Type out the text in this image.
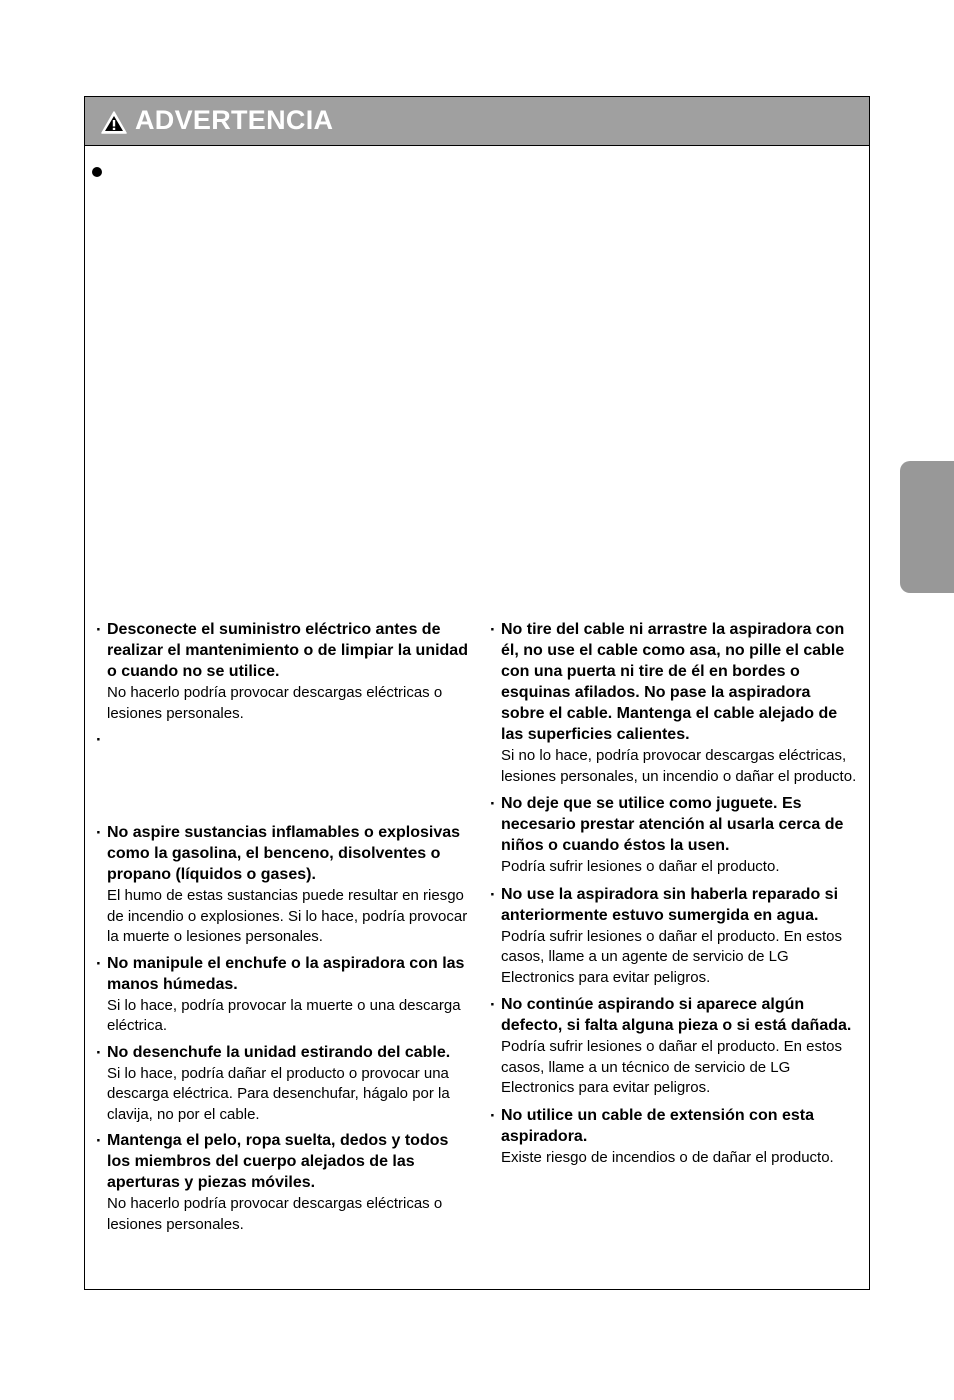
ADVERTENCIA
· Desconecte el suministro eléctrico antes de realizar el mantenimiento o de limpiar la unidad o cuando no se utilice.
No hacerlo podría provocar descargas eléctricas o lesiones personales.
·
· No aspire sustancias inflamables o explosivas como la gasolina, el benceno, disolventes o propano (líquidos o gases).
El humo de estas sustancias puede resultar en riesgo de incendio o explosiones. Si lo hace, podría provocar la muerte o lesiones personales.
· No manipule el enchufe o la aspiradora con las manos húmedas.
Si lo hace, podría provocar la muerte o una descarga eléctrica.
· No desenchufe la unidad estirando del cable.
Si lo hace, podría dañar el producto o provocar una descarga eléctrica. Para desenchufar, hágalo por la clavija, no por el cable.
· Mantenga el pelo, ropa suelta, dedos y todos los miembros del cuerpo alejados de las aperturas y piezas móviles.
No hacerlo podría provocar descargas eléctricas o lesiones personales.
· No tire del cable ni arrastre la aspiradora con él, no use el cable como asa, no pille el cable con una puerta ni tire de él en bordes o esquinas afilados. No pase la aspiradora sobre el cable. Mantenga el cable alejado de las superficies calientes.
Si no lo hace, podría provocar descargas eléctricas, lesiones personales, un incendio o dañar el producto.
· No deje que se utilice como juguete. Es necesario prestar atención al usarla cerca de niños o cuando éstos la usen.
Podría sufrir lesiones o dañar el producto.
· No use la aspiradora sin haberla reparado si anteriormente estuvo sumergida en agua.
Podría sufrir lesiones o dañar el producto. En estos casos, llame a un agente de servicio de LG Electronics para evitar peligros.
· No continúe aspirando si aparece algún defecto, si falta alguna pieza o si está dañada.
Podría sufrir lesiones o dañar el producto. En estos casos, llame a un técnico de servicio de LG Electronics para evitar peligros.
· No utilice un cable de extensión con esta aspiradora.
Existe riesgo de incendios o de dañar el producto.
